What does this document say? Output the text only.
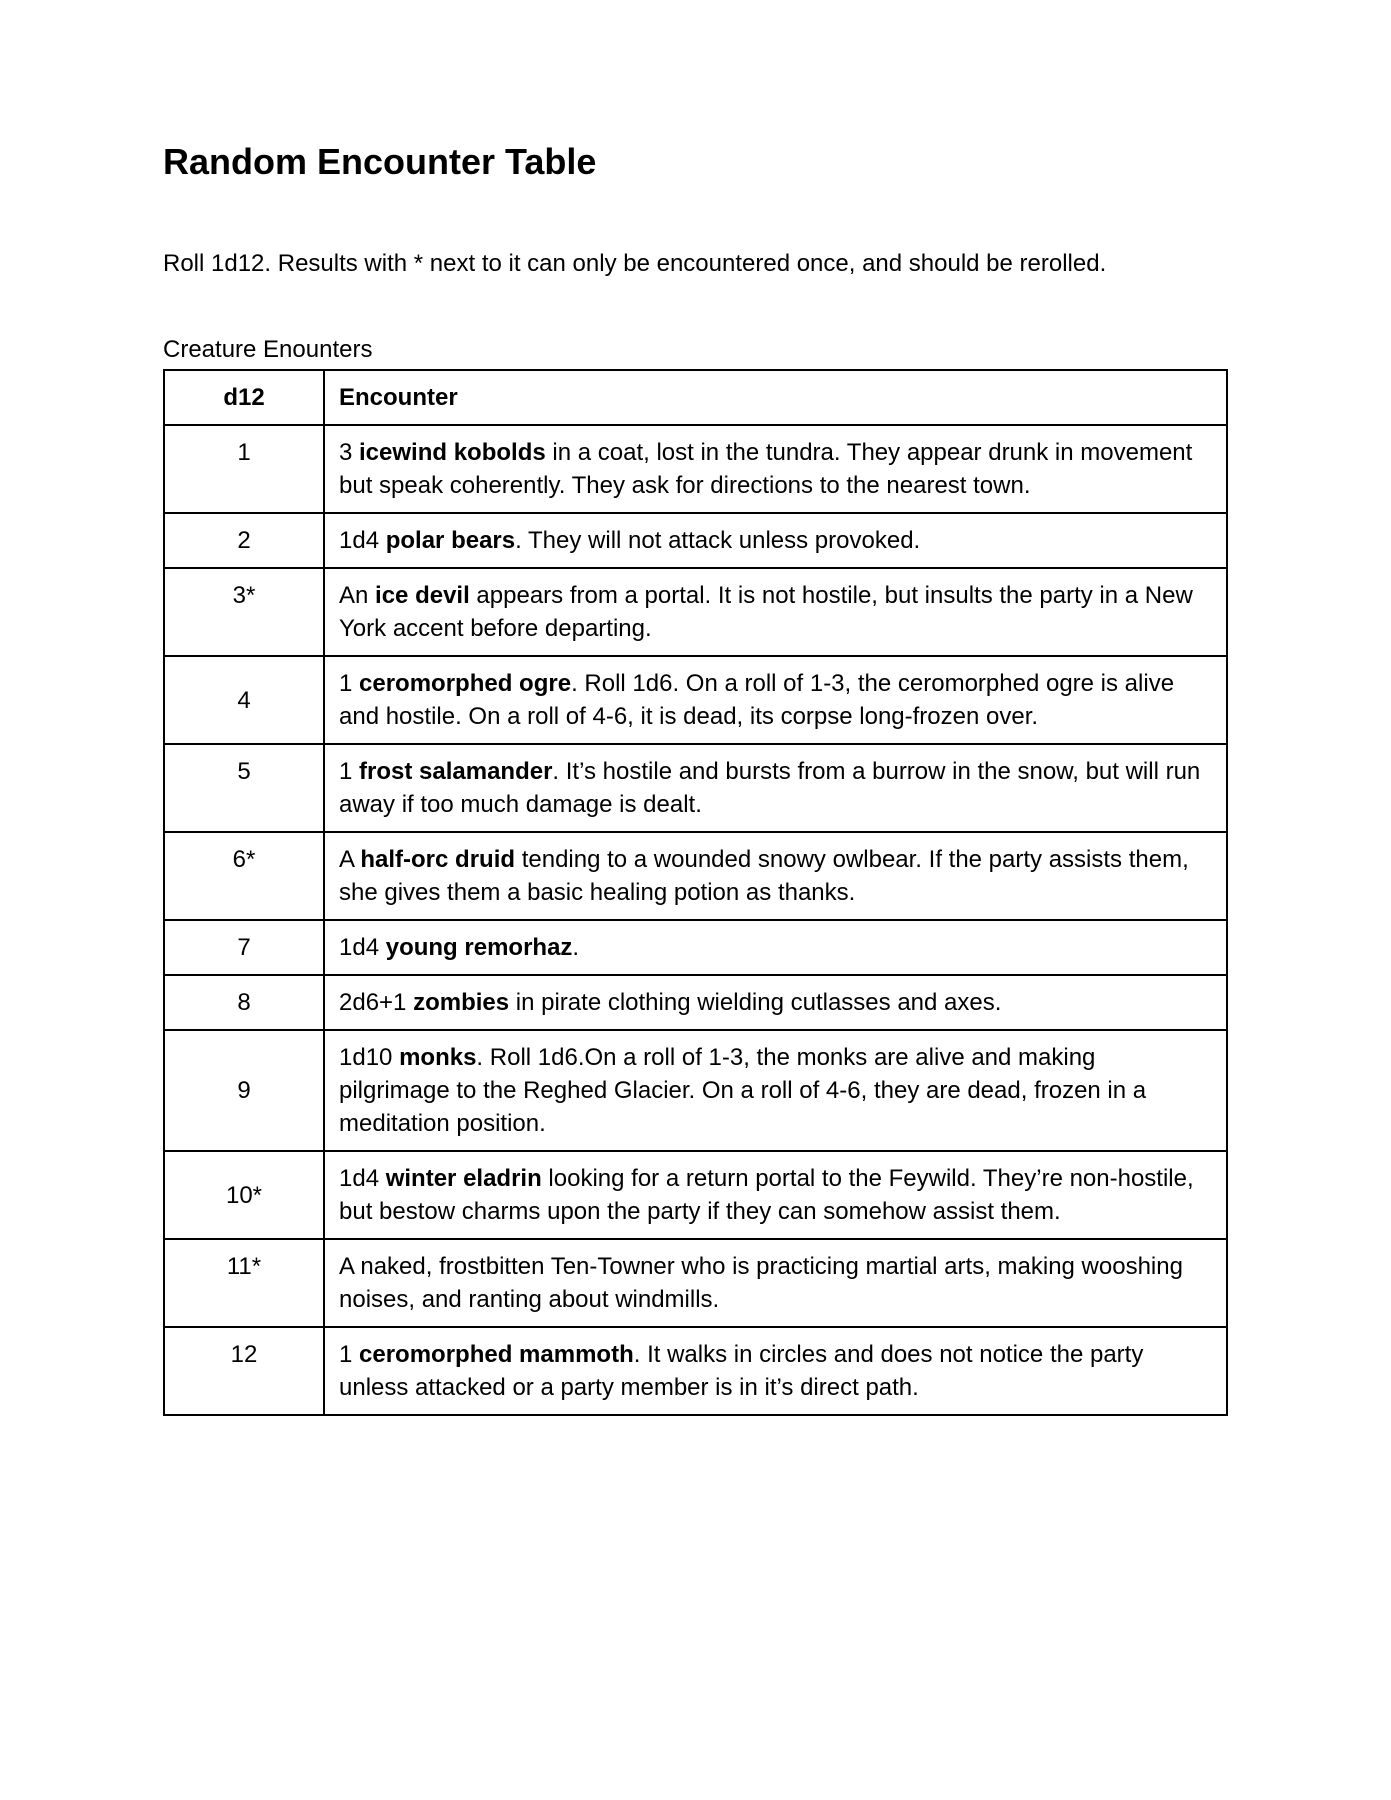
Random Encounter Table

Roll 1d12. Results with * next to it can only be encountered once, and should be rerolled.

Creature Enounters

d12	Encounter
1	3 icewind kobolds in a coat, lost in the tundra. They appear drunk in movement but speak coherently. They ask for directions to the nearest town.
2	1d4 polar bears. They will not attack unless provoked.
3*	An ice devil appears from a portal. It is not hostile, but insults the party in a New York accent before departing.
4	1 ceromorphed ogre. Roll 1d6. On a roll of 1-3, the ceromorphed ogre is alive and hostile. On a roll of 4-6, it is dead, its corpse long-frozen over.
5	1 frost salamander. It’s hostile and bursts from a burrow in the snow, but will run away if too much damage is dealt.
6*	A half-orc druid tending to a wounded snowy owlbear. If the party assists them, she gives them a basic healing potion as thanks.
7	1d4 young remorhaz.
8	2d6+1 zombies in pirate clothing wielding cutlasses and axes.
9	1d10 monks. Roll 1d6.On a roll of 1-3, the monks are alive and making pilgrimage to the Reghed Glacier. On a roll of 4-6, they are dead, frozen in a meditation position.
10*	1d4 winter eladrin looking for a return portal to the Feywild. They’re non-hostile, but bestow charms upon the party if they can somehow assist them.
11*	A naked, frostbitten Ten-Towner who is practicing martial arts, making wooshing noises, and ranting about windmills.
12	1 ceromorphed mammoth. It walks in circles and does not notice the party unless attacked or a party member is in it’s direct path.
